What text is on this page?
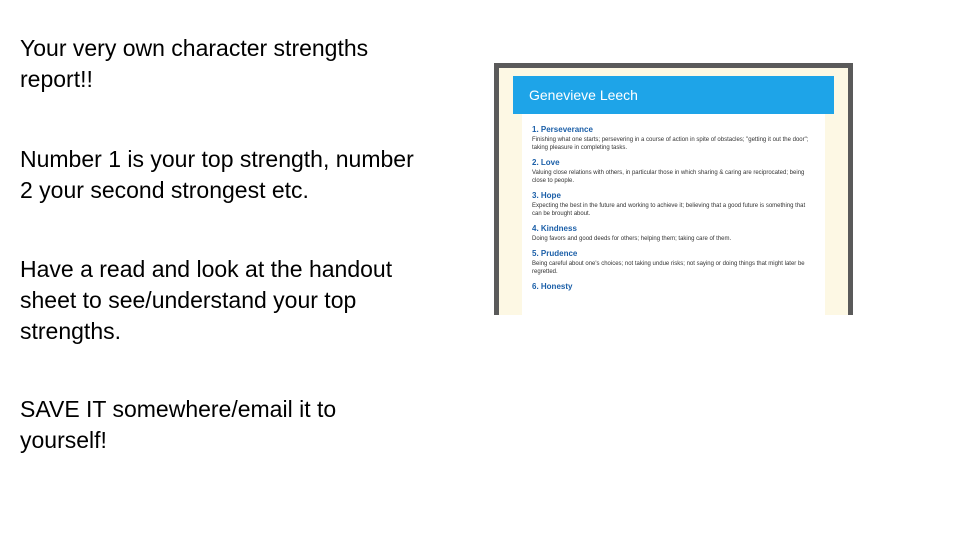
Your very own character strengths
report!!

Number 1 is your top strength, number
2 your second strongest etc.

Have a read and look at the handout
sheet to see/understand your top
strengths.

SAVE IT somewhere/email it to
yourself!

Genevieve Leech

1. Perseverance

Finishing what one starts; persevering in a course of action in spite of obstacles; "getting it out the door"; taking pleasure in completing tasks.

2. Love

Valuing close relations with others, in particular those in which sharing & caring are reciprocated; being close to people.

3. Hope

Expecting the best in the future and working to achieve it; believing that a good future is something that can be brought about.

4. Kindness

Doing favors and good deeds for others; helping them; taking care of them.

5. Prudence

Being careful about one's choices; not taking undue risks; not saying or doing things that might later be regretted.

6. Honesty
